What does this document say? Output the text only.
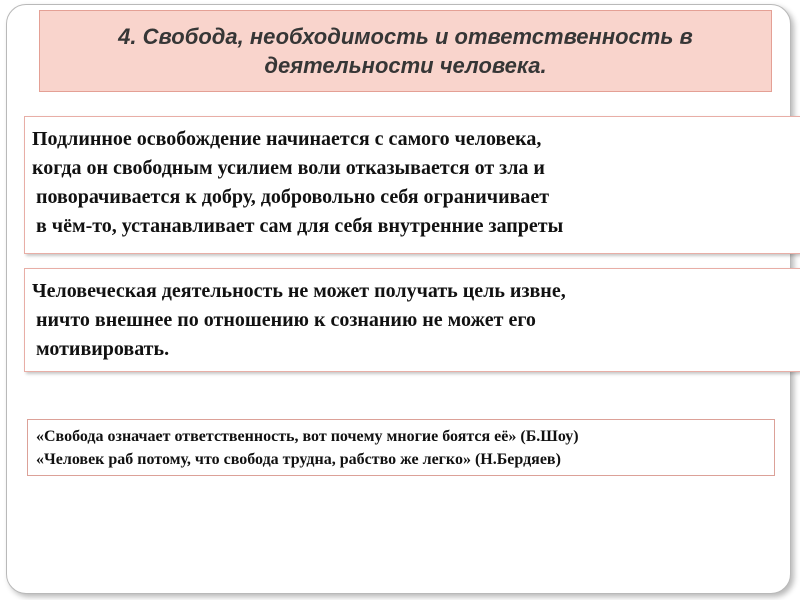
4. Свобода, необходимость и ответственность в
деятельности человека.
Подлинное освобождение начинается с самого человека,
когда он свободным усилием воли отказывается от зла и
поворачивается к добру, добровольно себя ограничивает
в чём-то, устанавливает сам для себя внутренние запреты
Человеческая деятельность не может получать цель извне,
ничто внешнее по отношению к сознанию не может его
мотивировать.
«Свобода означает ответственность, вот почему многие боятся её» (Б.Шоу)
«Человек раб потому, что свобода трудна, рабство же легко» (Н.Бердяев)
